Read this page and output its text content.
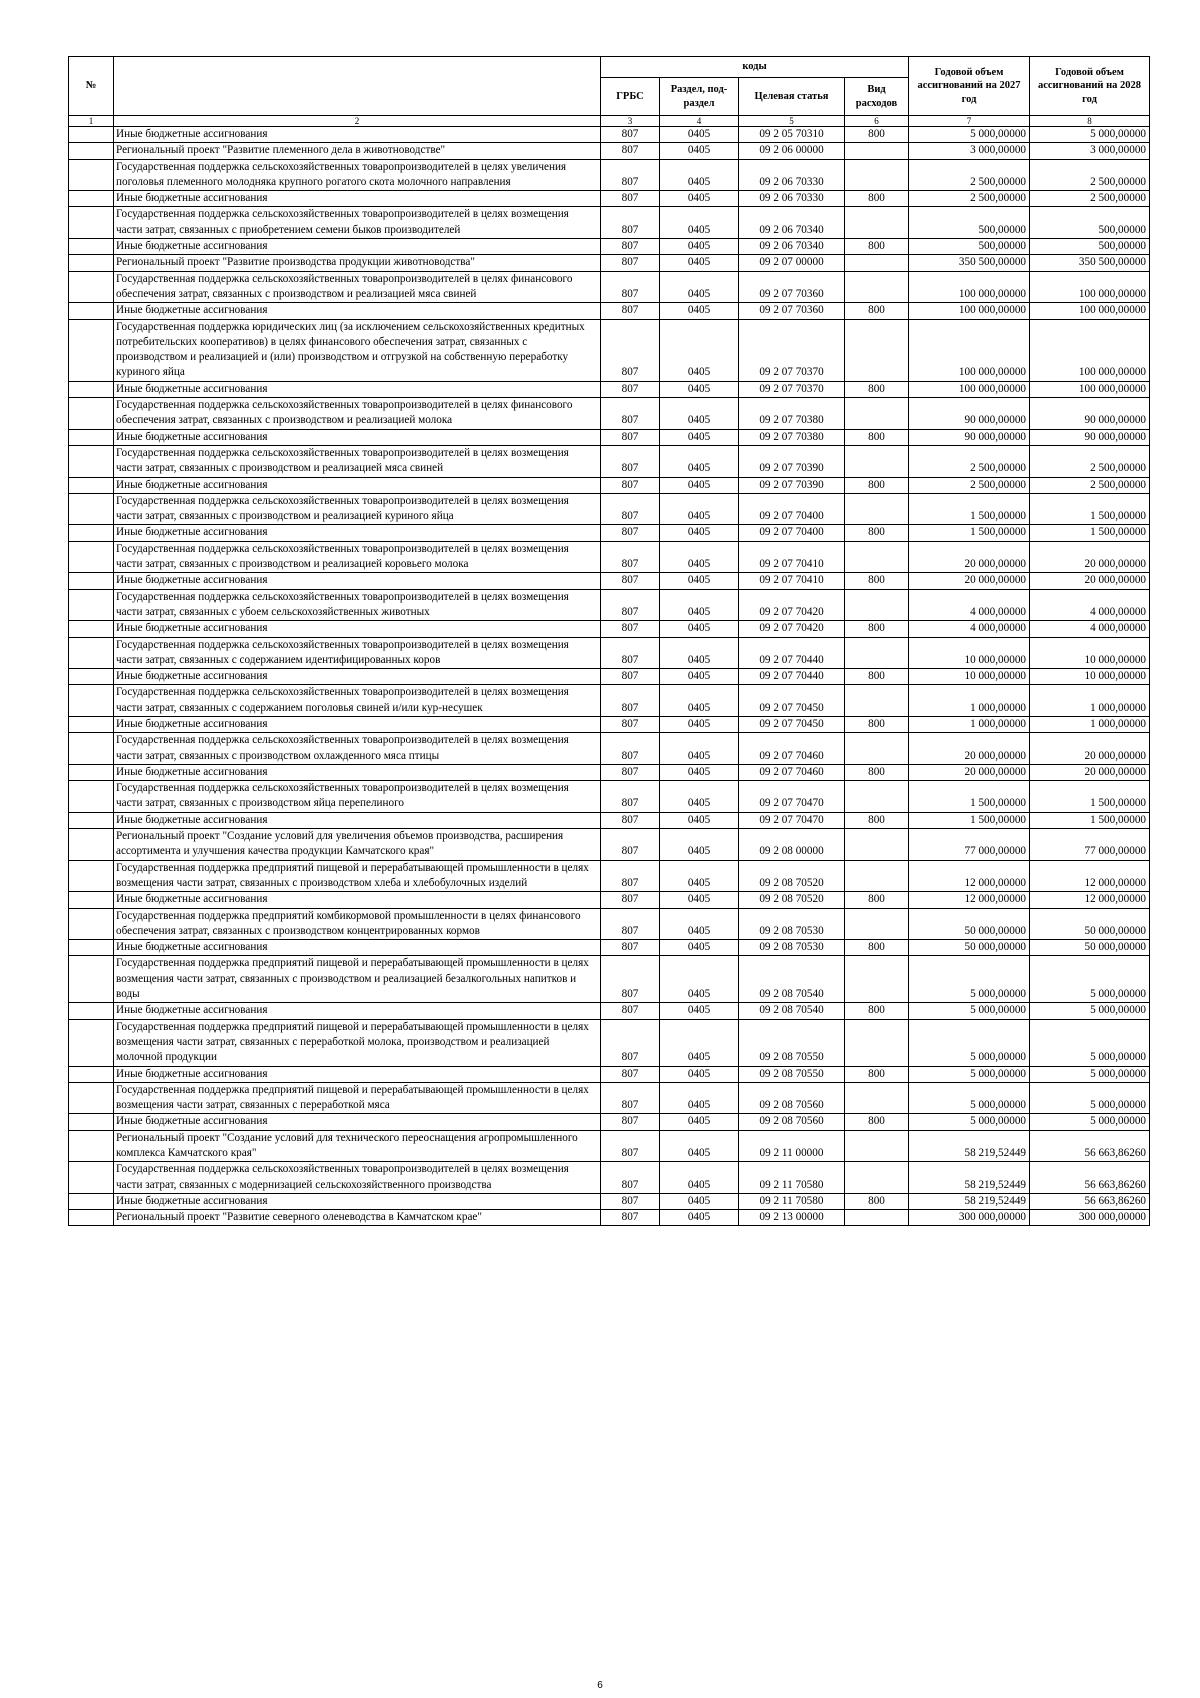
№		коды				Годовой объем ассигнований на 2027 год	Годовой объем ассигнований на 2028 год
		ГРБС	Раздел, под-раздел	Целевая статья	Вид расходов		
1	2	3	4	5	6	7	8
	Иные бюджетные ассигнования	807	0405	09 2 05 70310	800	5 000,00000	5 000,00000
	Региональный проект "Развитие племенного дела в животноводстве"	807	0405	09 2 06 00000		3 000,00000	3 000,00000
	Государственная поддержка сельскохозяйственных товаропроизводителей в целях увеличения поголовья племенного молодняка крупного рогатого скота молочного направления	807	0405	09 2 06 70330		2 500,00000	2 500,00000
	Иные бюджетные ассигнования	807	0405	09 2 06 70330	800	2 500,00000	2 500,00000
	Государственная поддержка сельскохозяйственных товаропроизводителей в целях возмещения части затрат, связанных с приобретением семени быков производителей	807	0405	09 2 06 70340		500,00000	500,00000
	Иные бюджетные ассигнования	807	0405	09 2 06 70340	800	500,00000	500,00000
	Региональный проект "Развитие производства продукции животноводства"	807	0405	09 2 07 00000		350 500,00000	350 500,00000
	Государственная поддержка сельскохозяйственных товаропроизводителей в целях финансового обеспечения затрат, связанных с производством и реализацией мяса свиней	807	0405	09 2 07 70360		100 000,00000	100 000,00000
	Иные бюджетные ассигнования	807	0405	09 2 07 70360	800	100 000,00000	100 000,00000
	Государственная поддержка юридических лиц (за исключением сельскохозяйственных кредитных потребительских кооперативов) в целях финансового обеспечения затрат, связанных с производством и реализацией и (или) производством и отгрузкой на собственную переработку куриного яйца	807	0405	09 2 07 70370		100 000,00000	100 000,00000
	Иные бюджетные ассигнования	807	0405	09 2 07 70370	800	100 000,00000	100 000,00000
	Государственная поддержка сельскохозяйственных товаропроизводителей в целях финансового обеспечения затрат, связанных с производством и реализацией молока	807	0405	09 2 07 70380		90 000,00000	90 000,00000
	Иные бюджетные ассигнования	807	0405	09 2 07 70380	800	90 000,00000	90 000,00000
	Государственная поддержка сельскохозяйственных товаропроизводителей в целях возмещения части затрат, связанных с производством и реализацией мяса свиней	807	0405	09 2 07 70390		2 500,00000	2 500,00000
	Иные бюджетные ассигнования	807	0405	09 2 07 70390	800	2 500,00000	2 500,00000
	Государственная поддержка сельскохозяйственных товаропроизводителей в целях возмещения части затрат, связанных с производством и реализацией куриного яйца	807	0405	09 2 07 70400		1 500,00000	1 500,00000
	Иные бюджетные ассигнования	807	0405	09 2 07 70400	800	1 500,00000	1 500,00000
	Государственная поддержка сельскохозяйственных товаропроизводителей в целях возмещения части затрат, связанных с производством и реализацией коровьего молока	807	0405	09 2 07 70410		20 000,00000	20 000,00000
	Иные бюджетные ассигнования	807	0405	09 2 07 70410	800	20 000,00000	20 000,00000
	Государственная поддержка сельскохозяйственных товаропроизводителей в целях возмещения части затрат, связанных с убоем сельскохозяйственных животных	807	0405	09 2 07 70420		4 000,00000	4 000,00000
	Иные бюджетные ассигнования	807	0405	09 2 07 70420	800	4 000,00000	4 000,00000
	Государственная поддержка сельскохозяйственных товаропроизводителей в целях возмещения части затрат, связанных с содержанием идентифицированных коров	807	0405	09 2 07 70440		10 000,00000	10 000,00000
	Иные бюджетные ассигнования	807	0405	09 2 07 70440	800	10 000,00000	10 000,00000
	Государственная поддержка сельскохозяйственных товаропроизводителей в целях возмещения части затрат, связанных с содержанием поголовья свиней и/или кур-несушек	807	0405	09 2 07 70450		1 000,00000	1 000,00000
	Иные бюджетные ассигнования	807	0405	09 2 07 70450	800	1 000,00000	1 000,00000
	Государственная поддержка сельскохозяйственных товаропроизводителей в целях возмещения части затрат, связанных с производством охлажденного мяса птицы	807	0405	09 2 07 70460		20 000,00000	20 000,00000
	Иные бюджетные ассигнования	807	0405	09 2 07 70460	800	20 000,00000	20 000,00000
	Государственная поддержка сельскохозяйственных товаропроизводителей в целях возмещения части затрат, связанных с производством яйца перепелиного	807	0405	09 2 07 70470		1 500,00000	1 500,00000
	Иные бюджетные ассигнования	807	0405	09 2 07 70470	800	1 500,00000	1 500,00000
	Региональный проект "Создание условий для увеличения объемов производства, расширения ассортимента и улучшения качества продукции Камчатского края"	807	0405	09 2 08 00000		77 000,00000	77 000,00000
	Государственная поддержка предприятий пищевой и перерабатывающей промышленности в целях возмещения части затрат, связанных с производством хлеба и хлебобулочных изделий	807	0405	09 2 08 70520		12 000,00000	12 000,00000
	Иные бюджетные ассигнования	807	0405	09 2 08 70520	800	12 000,00000	12 000,00000
	Государственная поддержка предприятий комбикормовой промышленности в целях финансового обеспечения затрат, связанных с производством концентрированных кормов	807	0405	09 2 08 70530		50 000,00000	50 000,00000
	Иные бюджетные ассигнования	807	0405	09 2 08 70530	800	50 000,00000	50 000,00000
	Государственная поддержка предприятий пищевой и перерабатывающей промышленности в целях возмещения части затрат, связанных с производством и реализацией безалкогольных напитков и воды	807	0405	09 2 08 70540		5 000,00000	5 000,00000
	Иные бюджетные ассигнования	807	0405	09 2 08 70540	800	5 000,00000	5 000,00000
	Государственная поддержка предприятий пищевой и перерабатывающей промышленности в целях возмещения части затрат, связанных с переработкой молока, производством и реализацией молочной продукции	807	0405	09 2 08 70550		5 000,00000	5 000,00000
	Иные бюджетные ассигнования	807	0405	09 2 08 70550	800	5 000,00000	5 000,00000
	Государственная поддержка предприятий пищевой и перерабатывающей промышленности в целях возмещения части затрат, связанных с переработкой мяса	807	0405	09 2 08 70560		5 000,00000	5 000,00000
	Иные бюджетные ассигнования	807	0405	09 2 08 70560	800	5 000,00000	5 000,00000
	Региональный проект "Создание условий для технического переоснащения агропромышленного комплекса Камчатского края"	807	0405	09 2 11 00000		58 219,52449	56 663,86260
	Государственная поддержка сельскохозяйственных товаропроизводителей в целях возмещения части затрат, связанных с модернизацией сельскохозяйственного производства	807	0405	09 2 11 70580		58 219,52449	56 663,86260
	Иные бюджетные ассигнования	807	0405	09 2 11 70580	800	58 219,52449	56 663,86260
	Региональный проект "Развитие северного оленеводства в Камчатском крае"	807	0405	09 2 13 00000		300 000,00000	300 000,00000
6
